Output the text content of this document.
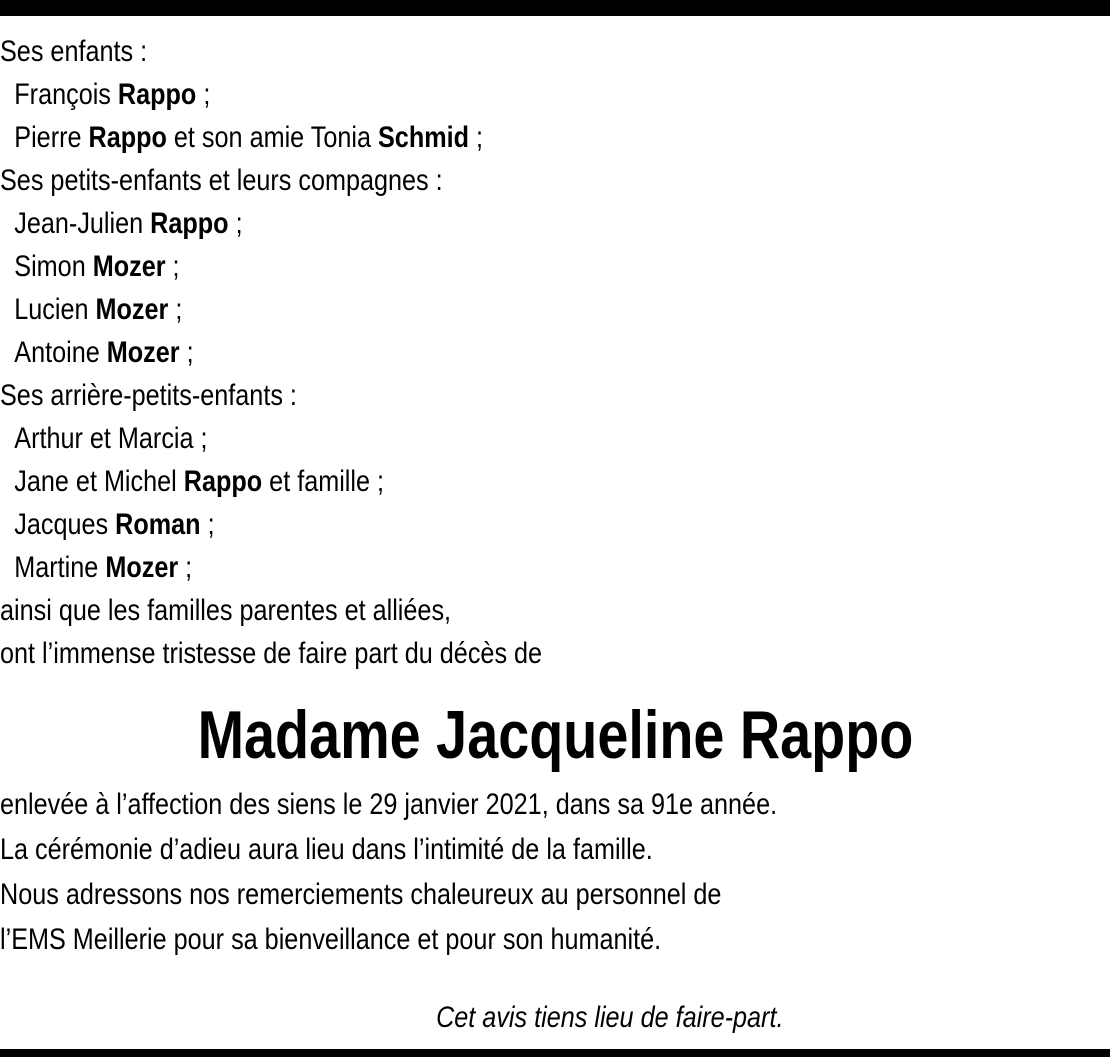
Ses enfants :
François Rappo ;
Pierre Rappo et son amie Tonia Schmid ;
Ses petits-enfants et leurs compagnes :
Jean-Julien Rappo ;
Simon Mozer ;
Lucien Mozer ;
Antoine Mozer ;
Ses arrière-petits-enfants :
Arthur et Marcia ;
Jane et Michel Rappo et famille ;
Jacques Roman ;
Martine Mozer ;
ainsi que les familles parentes et alliées,
ont l’immense tristesse de faire part du décès de
Madame Jacqueline Rappo
enlevée à l’affection des siens le 29 janvier 2021, dans sa 91e année.
La cérémonie d’adieu aura lieu dans l’intimité de la famille.
Nous adressons nos remerciements chaleureux au personnel de
l’EMS Meillerie pour sa bienveillance et pour son humanité.
Cet avis tiens lieu de faire-part.
